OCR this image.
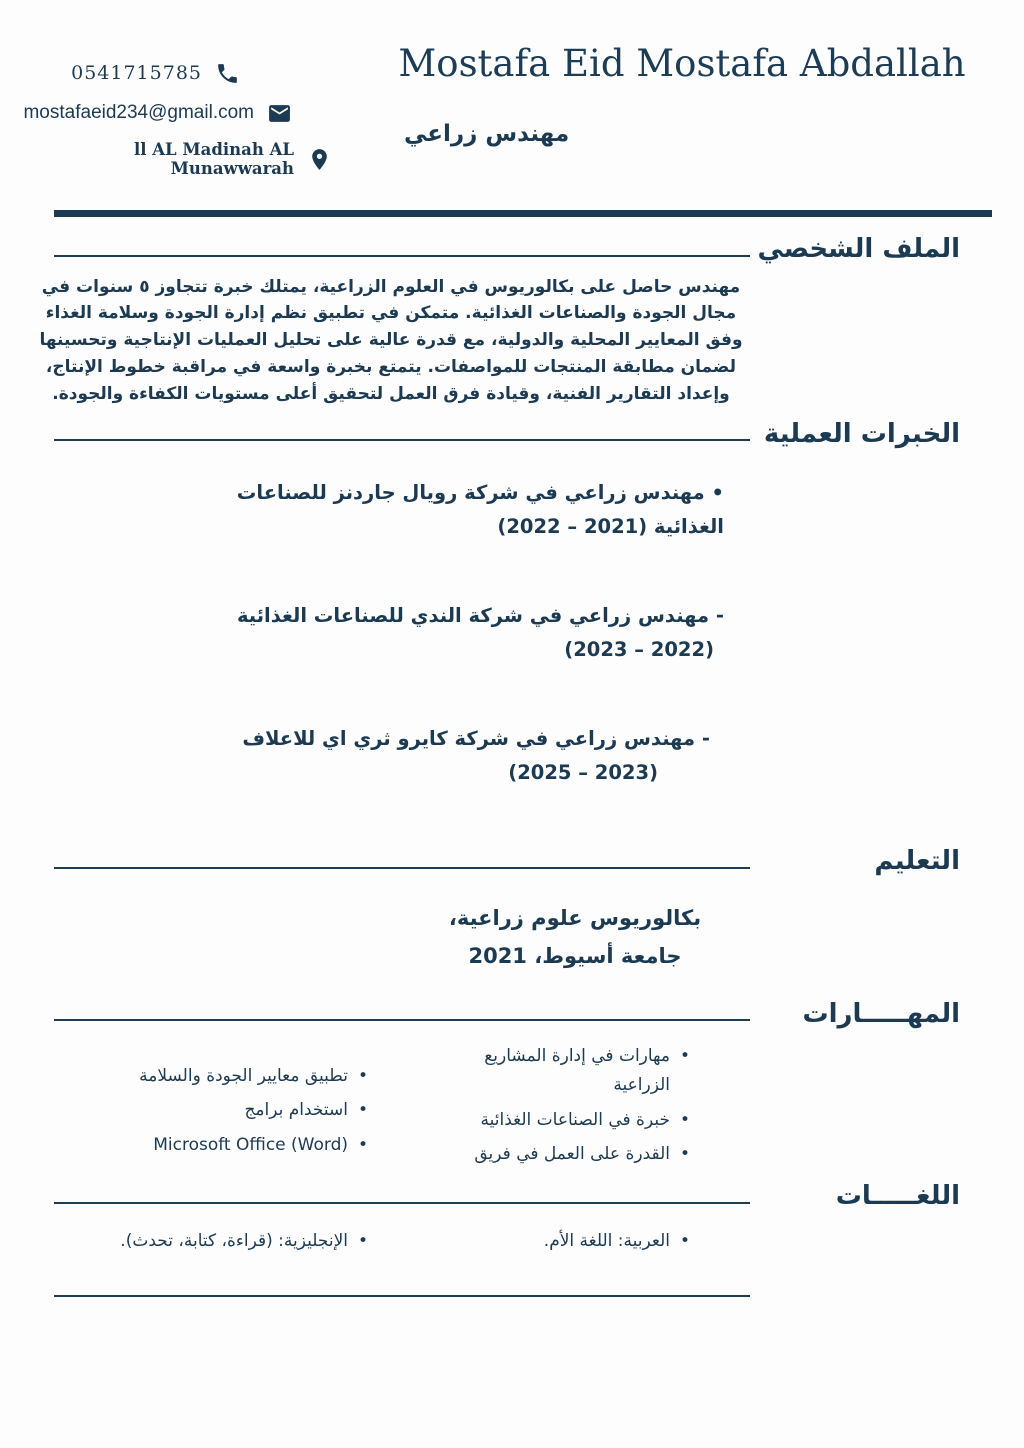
Mostafa Eid Mostafa Abdallah
مهندس زراعي
0541715785
mostafaeid234@gmail.com
ll AL Madinah AL Munawwarah
الملف الشخصي

مهندس حاصل على بكالوريوس في العلوم الزراعية، يمتلك خبرة تتجاوز ٥ سنوات في مجال الجودة والصناعات الغذائية. متمكن في تطبيق نظم إدارة الجودة وسلامة الغذاء وفق المعايير المحلية والدولية، مع قدرة عالية على تحليل العمليات الإنتاجية وتحسينها لضمان مطابقة المنتجات للمواصفات. يتمتع بخبرة واسعة في مراقبة خطوط الإنتاج، وإعداد التقارير الفنية، وقيادة فرق العمل لتحقيق أعلى مستويات الكفاءة والجودة.

الخبرات العملية
• مهندس زراعي في شركة رويال جاردنز للصناعات
الغذائية (2021 – 2022)
- مهندس زراعي في شركة الندي للصناعات الغذائية
(2022 – 2023)
- مهندس زراعي في شركة كايرو ثري اي للاعلاف
(2023 – 2025)
التعليم
بكالوريوس علوم زراعية،
جامعة أسيوط، 2021
المهـــــارات
• مهارات في إدارة المشاريع الزراعية
• خبرة في الصناعات الغذائية
• القدرة على العمل في فريق
• تطبيق معايير الجودة والسلامة
• استخدام برامج
• Microsoft Office (Word)
اللغـــــات
• العربية: اللغة الأم.
• الإنجليزية: (قراءة، كتابة، تحدث).
